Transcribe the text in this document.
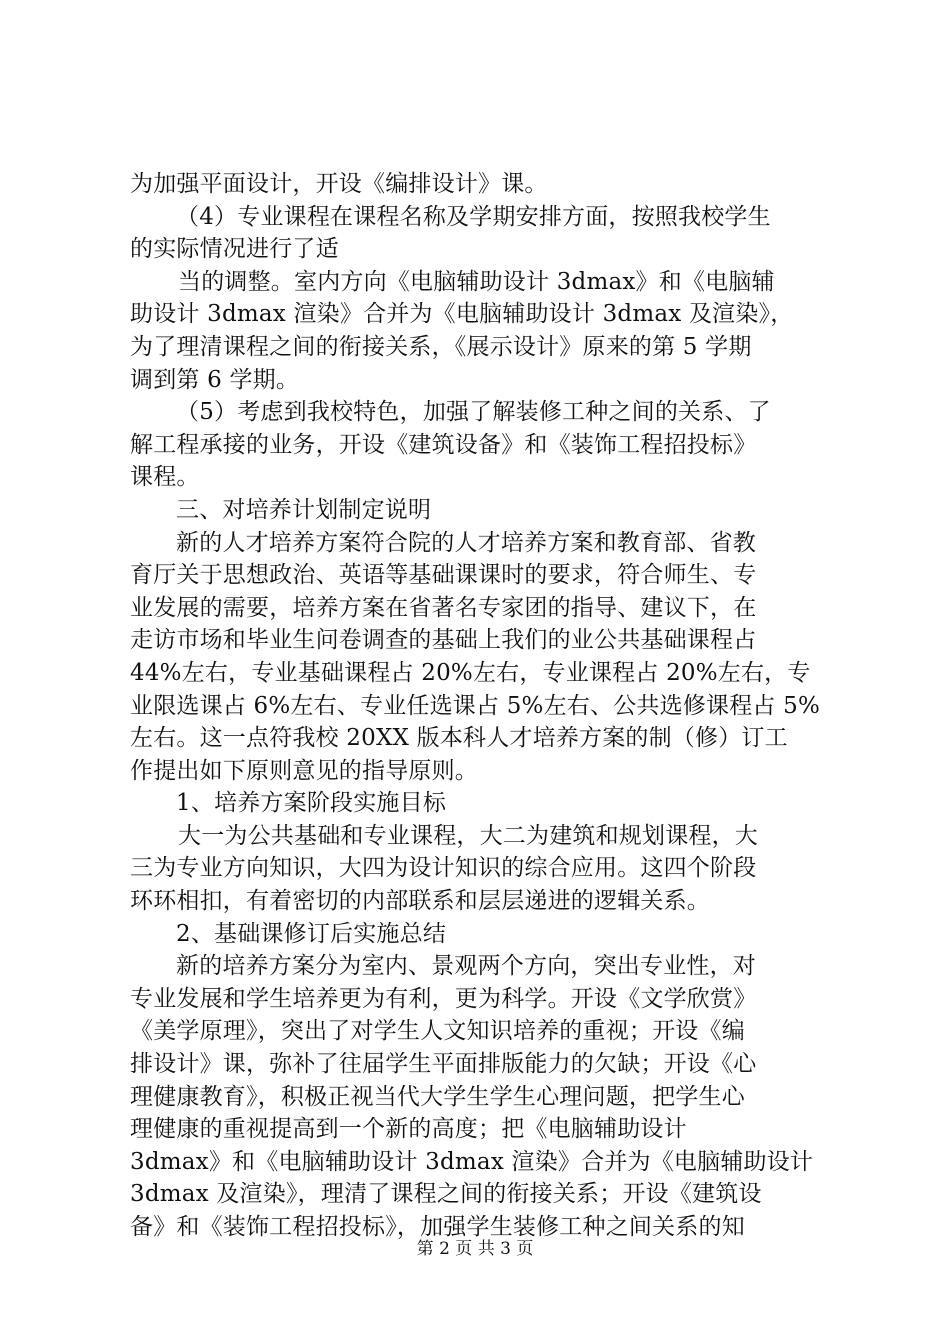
为加强平面设计，开设《编排设计》课。
（4）专业课程在课程名称及学期安排方面，按照我校学生
的实际情况进行了适
当的调整。室内方向《电脑辅助设计 3dmax》和《电脑辅
助设计 3dmax 渲染》合并为《电脑辅助设计 3dmax 及渲染》，
为了理清课程之间的衔接关系，《展示设计》原来的第 5 学期
调到第 6 学期。
（5）考虑到我校特色，加强了解装修工种之间的关系、了
解工程承接的业务，开设《建筑设备》和《装饰工程招投标》
课程。
三、对培养计划制定说明
新的人才培养方案符合院的人才培养方案和教育部、省教
育厅关于思想政治、英语等基础课课时的要求，符合师生、专
业发展的需要，培养方案在省著名专家团的指导、建议下，在
走访市场和毕业生问卷调查的基础上我们的业公共基础课程占
44%左右，专业基础课程占 20%左右，专业课程占 20%左右，专
业限选课占 6%左右、专业任选课占 5%左右、公共选修课程占 5%
左右。这一点符我校 20XX 版本科人才培养方案的制（修）订工
作提出如下原则意见的指导原则。
1、培养方案阶段实施目标
大一为公共基础和专业课程，大二为建筑和规划课程，大
三为专业方向知识，大四为设计知识的综合应用。这四个阶段
环环相扣，有着密切的内部联系和层层递进的逻辑关系。
2、基础课修订后实施总结
新的培养方案分为室内、景观两个方向，突出专业性，对
专业发展和学生培养更为有利，更为科学。开设《文学欣赏》
《美学原理》，突出了对学生人文知识培养的重视；开设《编
排设计》课，弥补了往届学生平面排版能力的欠缺；开设《心
理健康教育》，积极正视当代大学生学生心理问题，把学生心
理健康的重视提高到一个新的高度；把《电脑辅助设计
3dmax》和《电脑辅助设计 3dmax 渲染》合并为《电脑辅助设计
3dmax 及渲染》，理清了课程之间的衔接关系；开设《建筑设
备》和《装饰工程招投标》，加强学生装修工种之间关系的知
第 2 页 共 3 页
